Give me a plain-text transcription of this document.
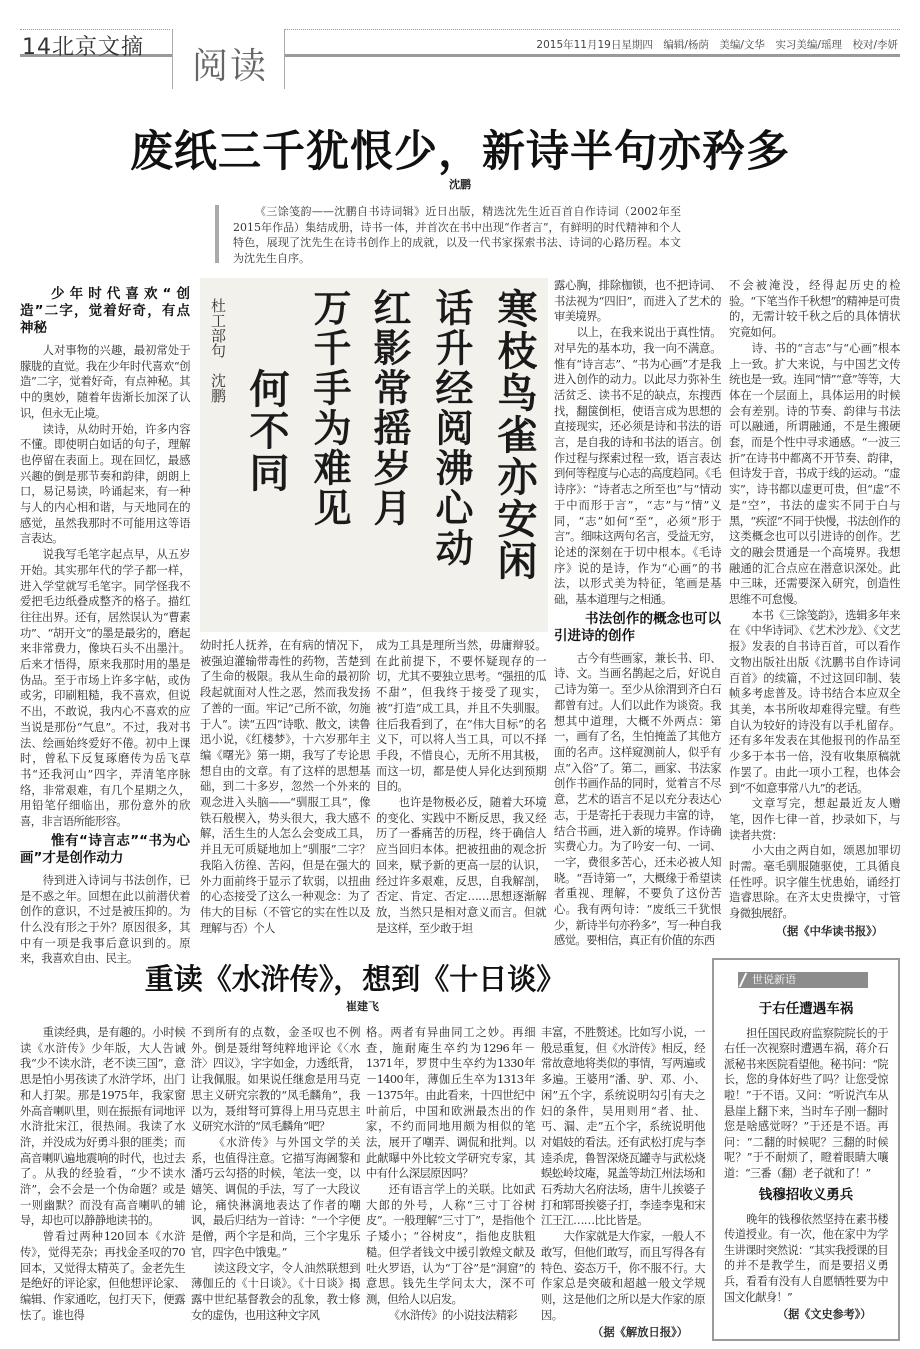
14北京文摘 阅读
2015年11月19日星期四　编辑/杨荫　美编/文华　实习美编/瑶理　校对/李妍
废纸三千犹恨少，新诗半句亦矜多
沈鹏
《三馀笺韵——沈鹏自书诗词辑》近日出版，精选沈先生近百首自作诗词（2002年至2015年作品）集结成册，诗书一体，并首次在书中出现“作者言”，有鲜明的时代精神和个人特色，展现了沈先生在诗书创作上的成就，以及一代书家探索书法、诗词的心路历程。本文为沈先生自序。
寒枝鸟雀亦安闲
话升经阅沸心动
红影常摇岁月
万千手为难见
何不同
杜工部句　沈鹏
少年时代喜欢“创造”二字，觉着好奇，有点神秘

人对事物的兴趣，最初常处于朦胧的直觉。我在少年时代喜欢“创造”二字，觉着好奇，有点神秘。其中的奥妙，随着年齿渐长加深了认识，但永无止境。

读诗，从幼时开始，许多内容不懂。即使明白如话的句子，理解也停留在表面上。现在回忆，最感兴趣的倒是那节奏和韵律，朗朗上口，易记易读，吟诵起来，有一种与人的内心相和谐，与天地同在的感觉，虽然我那时不可能用这等语言表达。

说我写毛笔字起点早，从五岁开始。其实那年代的学子都一样，进入学堂就写毛笔字。同学怪我不爱把毛边纸叠成整齐的格子。描红往往出界。还有，居然误认为“曹素功”、“胡开文”的墨是最劣的，磨起来非常费力，像块石头不出墨汁。后来才悟得，原来我那时用的墨是伪品。至于市场上许多字帖，或伪或劣，印刷粗糙，我不喜欢，但说不出，不敢说，我内心不喜欢的应当说是那份“气息”。不过，我对书法、绘画始终爱好不倦。初中上课时，曾私下反复琢磨传为岳飞草书“还我河山”四字，弄清笔序脉络，非常艰难，有几个星期之久，用铅笔仔细临出，那份意外的欣喜，非言语所能形容。

惟有“诗言志”“书为心画”才是创作动力

待到进入诗词与书法创作，已是不惑之年。回想在此以前潜伏着创作的意识，不过是被压抑的。为什么没有形之于外？原因很多，其中有一项是我事后意识到的。原来，我喜欢自由、民主。

幼时托人抚养，在有病的情况下，被强迫灌输带毒性的药物，苦楚到了生命的极限。我从生命的最初阶段起就面对人性之恶，然而我发扬了善的一面。牢记“己所不欲，勿施于人”。读“五四”诗歌、散文，读鲁迅小说，《红楼梦》，十六岁那年主编《曙光》第一期，我写了专论思想自由的文章。有了这样的思想基础，到二十多岁，忽然一个外来的观念进入头脑——“驯服工具”，像铁石般楔入，势头很大，我大感不解，活生生的人怎么会变成工具，并且无可质疑地加上“驯服”二字？我陷入彷徨、苦闷，但是在强大的外力面前终于显示了软弱，以扭曲的心态接受了这么一种观念：为了伟大的目标（不管它的实在性以及理解与否）个人

成为工具是理所当然，毋庸辩驳。在此前提下，不要怀疑现存的一切，尤其不要独立思考。“强扭的瓜不甜”，但我终于接受了现实，被“打造”成工具，并且不失驯服。往后我看到了，在“伟大目标”的名义下，可以将人当工具，可以不择手段，不惜良心，无所不用其极，而这一切，都是使人异化达到预期目的。

也许是物极必反，随着大环境的变化、实践中不断反思，我又经历了一番痛苦的历程，终于确信人应当回归本体。把被扭曲的观念折回来，赋予新的更高一层的认识，经过许多艰难，反思，自我解剖，否定、肯定、否定……思想逐渐解放，当然只是相对意义而言。但就是这样，至少敢于坦

露心胸，排除枷锁，也不把诗词、书法视为“四旧”，而进入了艺术的审美境界。

以上，在我来说出于真性情。对早先的基本功，我一向不满意。惟有“诗言志”、“书为心画”才是我进入创作的动力。以此尽力弥补生活贫乏、读书不足的缺点，东搜西找，翻箧倒柜，使语言成为思想的直接现实，还必须是诗和书法的语言，是自我的诗和书法的语言。创作过程与探索过程一致，语言表达到何等程度与心志的高度趋同。《毛诗序》：“诗者志之所至也”与“情动于中而形于言”，“志”与“情”义同，“志”如何“至”，必须“形于言”。细味这两句名言，受益无穷，论述的深刻在于切中根本。《毛诗序》说的是诗，作为“心画”的书法，以形式美为特征，笔画是基础，基本道理与之相通。

书法创作的概念也可以引进诗的创作

古今有些画家，兼长书、印、诗、文。当画名鹊起之后，好说自己诗为第一。至少从徐渭到齐白石都曾有过。人们以此作为谈资。我想其中道理，大概不外两点：第一，画有了名，生怕掩盖了其他方面的名声。这样窥测前人，似乎有点“入俗”了。第二，画家、书法家创作书画作品的同时，觉着言不尽意，艺术的语言不足以充分表达心志，于是寄托于表现力丰富的诗，结合书画，进入新的境界。作诗确实费心力。为了吟安一句、一词、一字，费很多苦心，还未必被人知晓。“吾诗第一”，大概缘于希望读者重视、理解，不要负了这份苦心。我有两句诗：“废纸三千犹恨少，新诗半句亦矜多”，写一种自我感觉。要相信，真正有价值的东西

不会被淹没，经得起历史的检验。“下笔当作千秋想”的精神是可贵的，无需计较千秋之后的具体情状究竟如何。

诗、书的“言志”与“心画”根本上一致。扩大来说，与中国艺文传统也是一致。连同“情”“意”等等，大体在一个层面上，具体运用的时候会有差别。诗的节奏、韵律与书法可以融通，所谓融通，不是生搬硬套，而是个性中寻求通感。“一波三折”在诗书中都离不开节奏、韵律，但诗发于音，书成于线的运动。“虚实”，诗书都以虚更可贵，但“虚”不是“空”，书法的虚实不同于白与黑，“疾涩”不同于快慢，书法创作的这类概念也可以引进诗的创作。艺文的融会贯通是一个高境界。我想融通的汇合点应在潜意识深处。此中三昧，还需要深入研究，创造性思维不可怠慢。

本书《三馀笺韵》，选辑多年来在《中华诗词》、《艺术沙龙》、《文艺报》发表的自书诗百首，可以看作文物出版社出版《沈鹏书自作诗词百首》的续篇，不过这回印制、装帧多考虑普及。诗书结合本应双全其美，本书所收却难得完璧。有些自认为较好的诗没有以手札留存。还有多年发表在其他报刊的作品至少多于本书一倍，没有收集原稿就作罢了。由此一项小工程，也体会到“不如意事常八九”的老话。

文章写完，想起最近友人赠笔，因作七律一首，抄录如下，与读者共赏：

小大由之两自如，颂恩加罪切时需。毫毛驯服随驱使，工具循良任性呼。识字催生忧患始，诵经打造睿思除。在齐太史贵操守，寸管身微独展舒。

（据《中华读书报》）

重读《水浒传》，想到《十日谈》
崔建飞

重读经典，是有趣的。小时候读《水浒传》少年版，大人告诫我“少不读水浒，老不读三国”，意思是怕小男孩读了水浒学坏，出门和人打架。那是1975年，我家窗外高音喇叭里，则在振振有词地评水浒批宋江，很热闹。我读了水浒，并没成为好勇斗狠的匪类；而高音喇叭遍地震响的时代，也过去了。从我的经验看，“少不读水浒”，会不会是一个伪命题？或是一则幽默？而没有高音喇叭的辅导，却也可以静静地读书的。

曾看过两种120回本《水浒传》，觉得芜杂；再找金圣叹的70回本，又觉得太精英了。金老先生是绝好的评论家，但他想评论家、编辑、作家通吃，包打天下，便露怯了。谁也得

不到所有的点数，金圣叹也不例外。倒是聂绀弩纯粹地评论《〈水浒〉四议》，字字如金，力透纸背，让我佩服。如果说任继愈是用马克思主义研究宗教的“凤毛麟角”，我以为，聂绀弩可算得上用马克思主义研究水浒的“凤毛麟角”吧？

《水浒传》与外国文学的关系，也值得注意。它描写海阇黎和潘巧云勾搭的时候，笔法一变，以嬉笑、调侃的手法，写了一大段议论，痛快淋漓地表达了作者的嘲讽，最后归结为一首诗：“一个字便是僧，两个字是和尚，三个字鬼乐官，四字色中饿鬼。”

读这段文字，令人油然联想到薄伽丘的《十日谈》。《十日谈》揭露中世纪基督教会的乱象，教士修女的虚伪，也用这种文字风

格。两者有异曲同工之妙。再细查，施耐庵生卒约为1296年－1371年，罗贯中生卒约为1330年－1400年，薄伽丘生卒为1313年－1375年。由此看来，十四世纪中叶前后，中国和欧洲最杰出的作家，不约而同地用颇为相似的笔法，展开了嘲弄、调侃和批判。以此献曝中外比较文学研究专家，其中有什么深层原因吗？

还有语言学上的关联。比如武大郎的外号，人称“三寸丁谷树皮”。一般理解“三寸丁”，是指他个子矮小；“谷树皮”，指他皮肤粗糙。但学者钱文中援引敦煌文献及吐火罗语，认为“丁谷”是“洞窟”的意思。钱先生学问太大，深不可测，但给人以启发。

《水浒传》的小说技法精彩

丰富，不胜赘述。比如写小说，一般忌重复，但《水浒传》相反，经常故意地将类似的事情，写两遍或多遍。王婆用“潘、驴、邓、小、闲”五个字，系统说明勾引有夫之妇的条件，吴用则用“者、扯、丐、漏、走”五个字，系统说明他对娼妓的看法。还有武松打虎与李逵杀虎，鲁智深烧瓦罐寺与武松烧蜈蚣岭坟庵，晁盖等劫江州法场和石秀劫大名府法场，唐牛儿挨婆子打和郓哥挨婆子打，李逵李鬼和宋江王江……比比皆是。

大作家就是大作家，一般人不敢写，但他们敢写，而且写得各有特色、姿态万千，你不服不行。大作家总是突破和超越一般文学规则，这是他们之所以是大作家的原因。

（据《解放日报》）

世说新语
于右任遭遇车祸

担任国民政府监察院院长的于右任一次视察时遭遇车祸，蒋介石派秘书来医院看望他。秘书问：“院长，您的身体好些了吗？让您受惊啦！”于不语。又问：“听说汽车从悬崖上翻下来，当时车子刚一翻时您是啥感觉呀？”于还是不语。再问：“二翻的时候呢？三翻的时候呢？”于不耐烦了，瞪着眼睛大嚷道：“三番（翻）老子就和了！”

钱穆招收义勇兵

晚年的钱穆依然坚持在素书楼传道授业。有一次，他在家中为学生讲课时突然说：“其实我授课的目的并不是教学生，而是要招义勇兵，看看有没有人自愿牺牲要为中国文化献身！”

（据《文史参考》）
